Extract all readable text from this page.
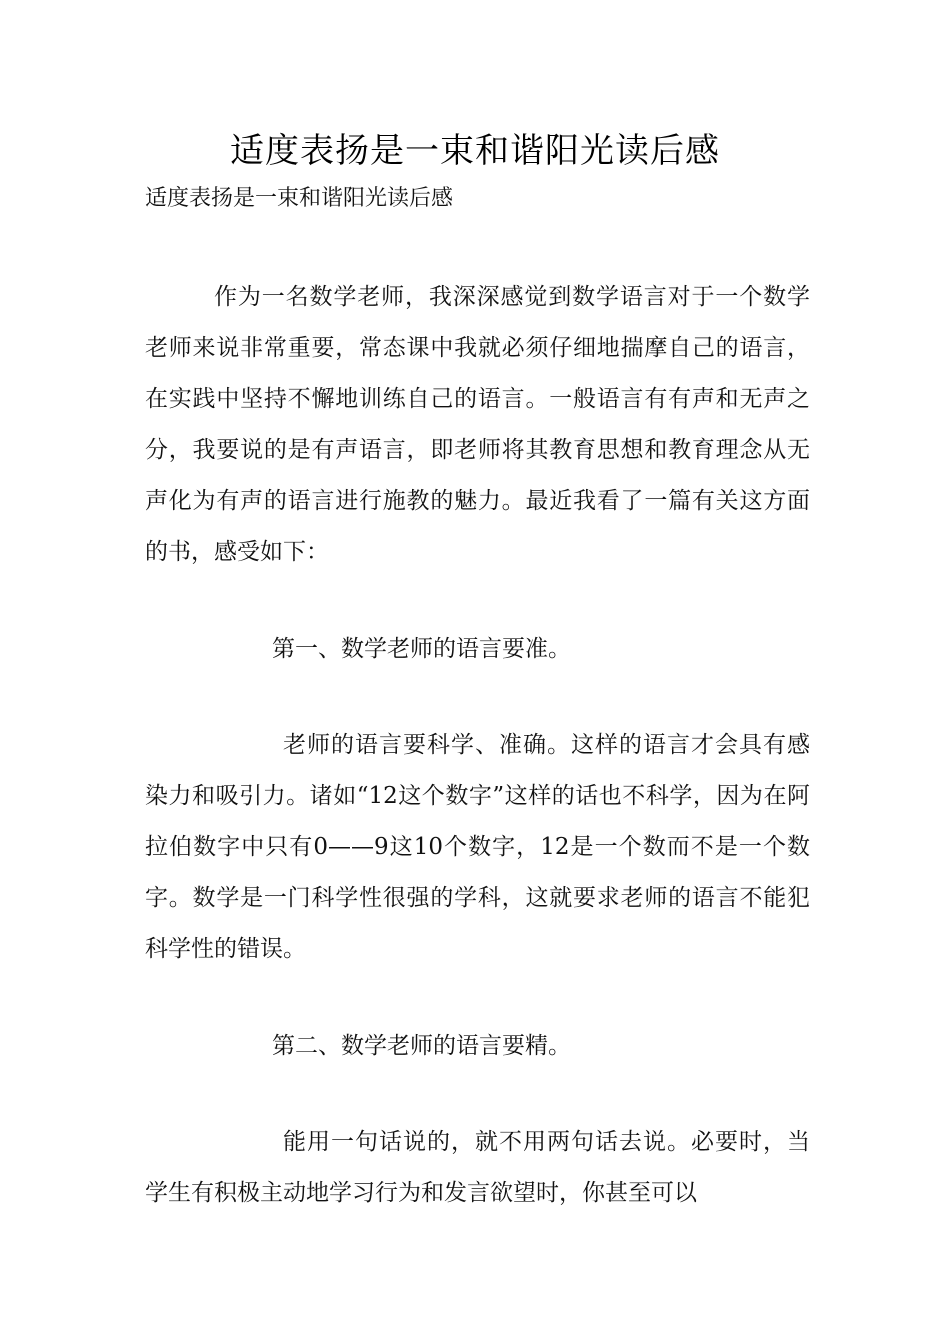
适度表扬是一束和谐阳光读后感
适度表扬是一束和谐阳光读后感

作为一名数学老师，我深深感觉到数学语言对于一个数学老师来说非常重要，常态课中我就必须仔细地揣摩自己的语言，在实践中坚持不懈地训练自己的语言。一般语言有有声和无声之分，我要说的是有声语言，即老师将其教育思想和教育理念从无声化为有声的语言进行施教的魅力。最近我看了一篇有关这方面的书，感受如下：

第一、数学老师的语言要准。

老师的语言要科学、准确。这样的语言才会具有感染力和吸引力。诸如“12这个数字”这样的话也不科学，因为在阿拉伯数字中只有0——9这10个数字，12是一个数而不是一个数字。数学是一门科学性很强的学科，这就要求老师的语言不能犯科学性的错误。

第二、数学老师的语言要精。

能用一句话说的，就不用两句话去说。必要时，当学生有积极主动地学习行为和发言欲望时，你甚至可以
